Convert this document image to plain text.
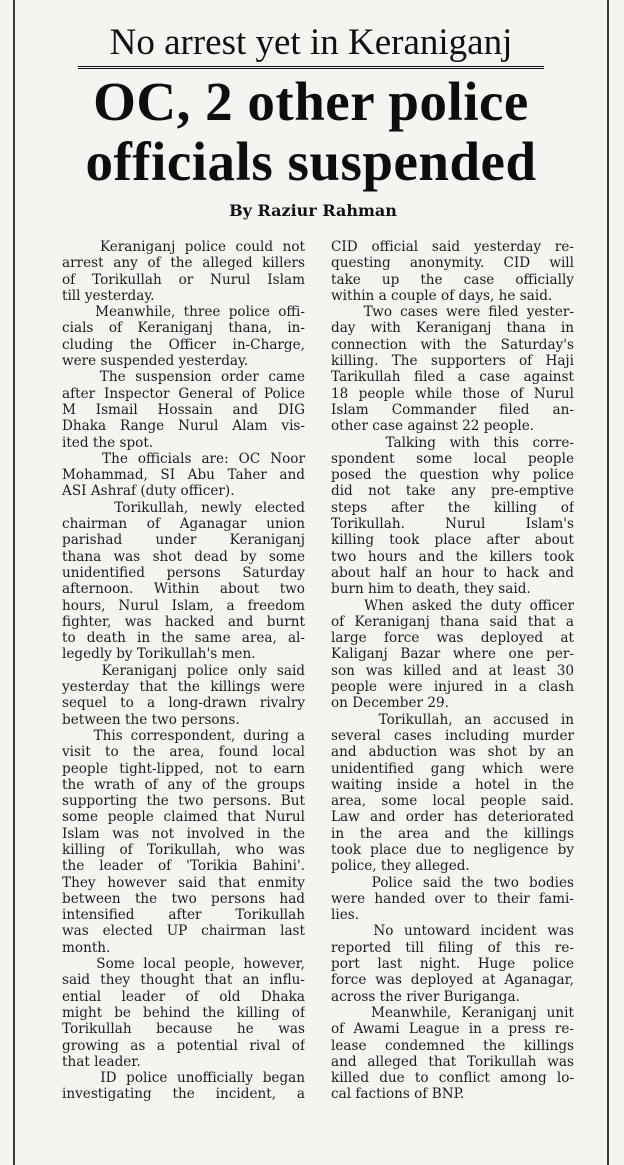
No arrest yet in Keraniganj
OC, 2 other police
officials suspended
By Raziur Rahman
Keraniganj police could not
arrest any of the alleged killers
of Torikullah or Nurul Islam
till yesterday.
Meanwhile, three police offi-
cials of Keraniganj thana, in-
cluding the Officer in-Charge,
were suspended yesterday.
The suspension order came
after Inspector General of Police
M Ismail Hossain and DIG
Dhaka Range Nurul Alam vis-
ited the spot.
The officials are: OC Noor
Mohammad, SI Abu Taher and
ASI Ashraf (duty officer).
Torikullah, newly elected
chairman of Aganagar union
parishad under Keraniganj
thana was shot dead by some
unidentified persons Saturday
afternoon. Within about two
hours, Nurul Islam, a freedom
fighter, was hacked and burnt
to death in the same area, al-
legedly by Torikullah's men.
Keraniganj police only said
yesterday that the killings were
sequel to a long-drawn rivalry
between the two persons.
This correspondent, during a
visit to the area, found local
people tight-lipped, not to earn
the wrath of any of the groups
supporting the two persons. But
some people claimed that Nurul
Islam was not involved in the
killing of Torikullah, who was
the leader of 'Torikia Bahini'.
They however said that enmity
between the two persons had
intensified after Torikullah
was elected UP chairman last
month.
Some local people, however,
said they thought that an influ-
ential leader of old Dhaka
might be behind the killing of
Torikullah because he was
growing as a potential rival of
that leader.
ID police unofficially began
investigating the incident, a
CID official said yesterday re-
questing anonymity. CID will
take up the case officially
within a couple of days, he said.
Two cases were filed yester-
day with Keraniganj thana in
connection with the Saturday's
killing. The supporters of Haji
Tarikullah filed a case against
18 people while those of Nurul
Islam Commander filed an-
other case against 22 people.
Talking with this corre-
spondent some local people
posed the question why police
did not take any pre-emptive
steps after the killing of
Torikullah. Nurul Islam's
killing took place after about
two hours and the killers took
about half an hour to hack and
burn him to death, they said.
When asked the duty officer
of Keraniganj thana said that a
large force was deployed at
Kaliganj Bazar where one per-
son was killed and at least 30
people were injured in a clash
on December 29.
Torikullah, an accused in
several cases including murder
and abduction was shot by an
unidentified gang which were
waiting inside a hotel in the
area, some local people said.
Law and order has deteriorated
in the area and the killings
took place due to negligence by
police, they alleged.
Police said the two bodies
were handed over to their fami-
lies.
No untoward incident was
reported till filing of this re-
port last night. Huge police
force was deployed at Aganagar,
across the river Buriganga.
Meanwhile, Keraniganj unit
of Awami League in a press re-
lease condemned the killings
and alleged that Torikullah was
killed due to conflict among lo-
cal factions of BNP.
